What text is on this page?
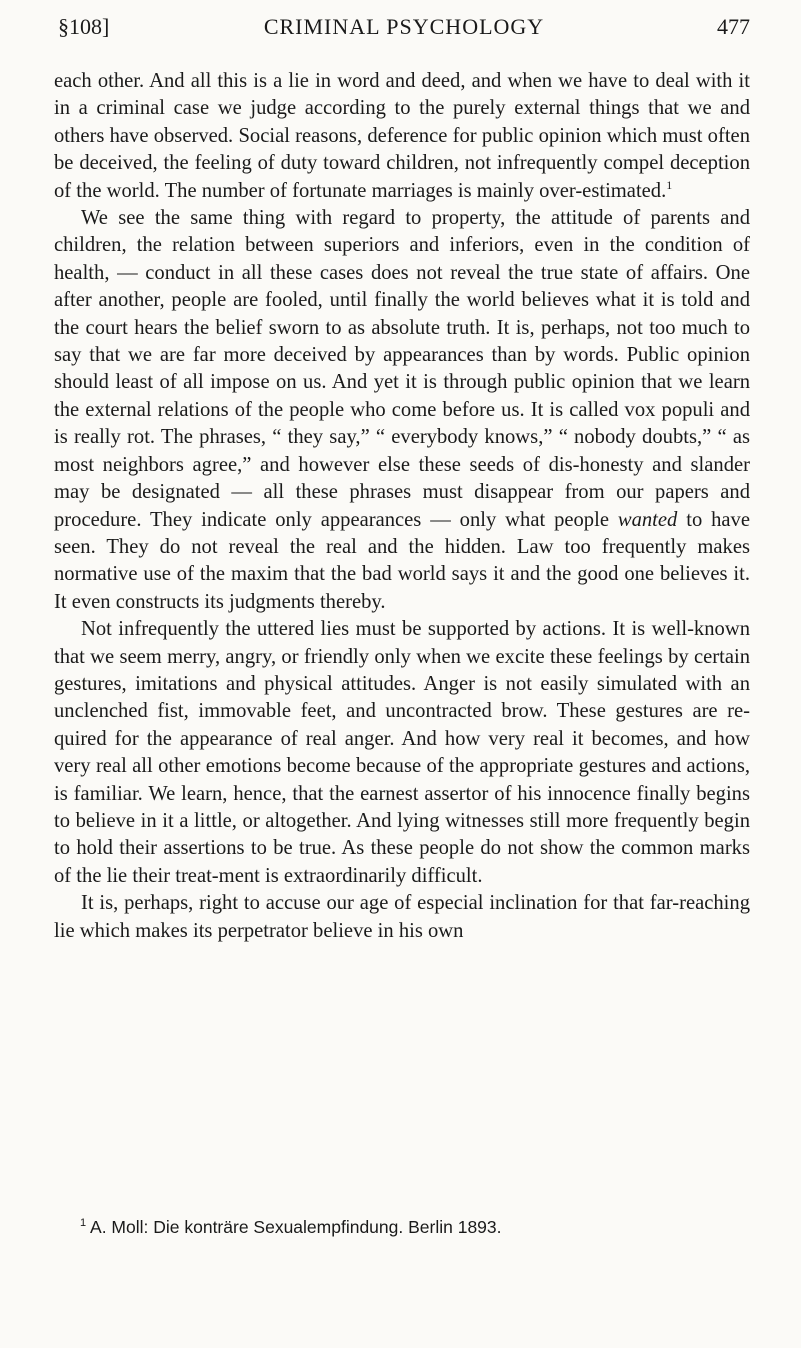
§108]	CRIMINAL PSYCHOLOGY	477

each other. And all this is a lie in word and deed, and when we have to deal with it in a criminal case we judge according to the purely external things that we and others have observed. Social reasons, deference for public opinion which must often be deceived, the feeling of duty toward children, not infrequently compel deception of the world. The number of fortunate marriages is mainly over-estimated.$^1$

We see the same thing with regard to property, the attitude of parents and children, the relation between superiors and inferiors, even in the condition of health, — conduct in all these cases does not reveal the true state of affairs. One after another, people are fooled, until finally the world believes what it is told and the court hears the belief sworn to as absolute truth. It is, perhaps, not too much to say that we are far more deceived by appearances than by words. Public opinion should least of all impose on us. And yet it is through public opinion that we learn the external relations of the people who come before us. It is called vox populi and is really rot. The phrases, “ they say,” “ everybody knows,” “ nobody doubts,” “ as most neighbors agree,” and however else these seeds of dis-honesty and slander may be designated — all these phrases must disappear from our papers and procedure. They indicate only appearances — only what people wanted to have seen. They do not reveal the real and the hidden. Law too frequently makes normative use of the maxim that the bad world says it and the good one believes it. It even constructs its judgments thereby.

Not infrequently the uttered lies must be supported by actions. It is well-known that we seem merry, angry, or friendly only when we excite these feelings by certain gestures, imitations and physical attitudes. Anger is not easily simulated with an unclenched fist, immovable feet, and uncontracted brow. These gestures are re-quired for the appearance of real anger. And how very real it becomes, and how very real all other emotions become because of the appropriate gestures and actions, is familiar. We learn, hence, that the earnest assertor of his innocence finally begins to believe in it a little, or altogether. And lying witnesses still more frequently begin to hold their assertions to be true. As these people do not show the common marks of the lie their treat-ment is extraordinarily difficult.

It is, perhaps, right to accuse our age of especial inclination for that far-reaching lie which makes its perpetrator believe in his own

$^1$ A. Moll: Die konträre Sexualempfindung. Berlin 1893.
